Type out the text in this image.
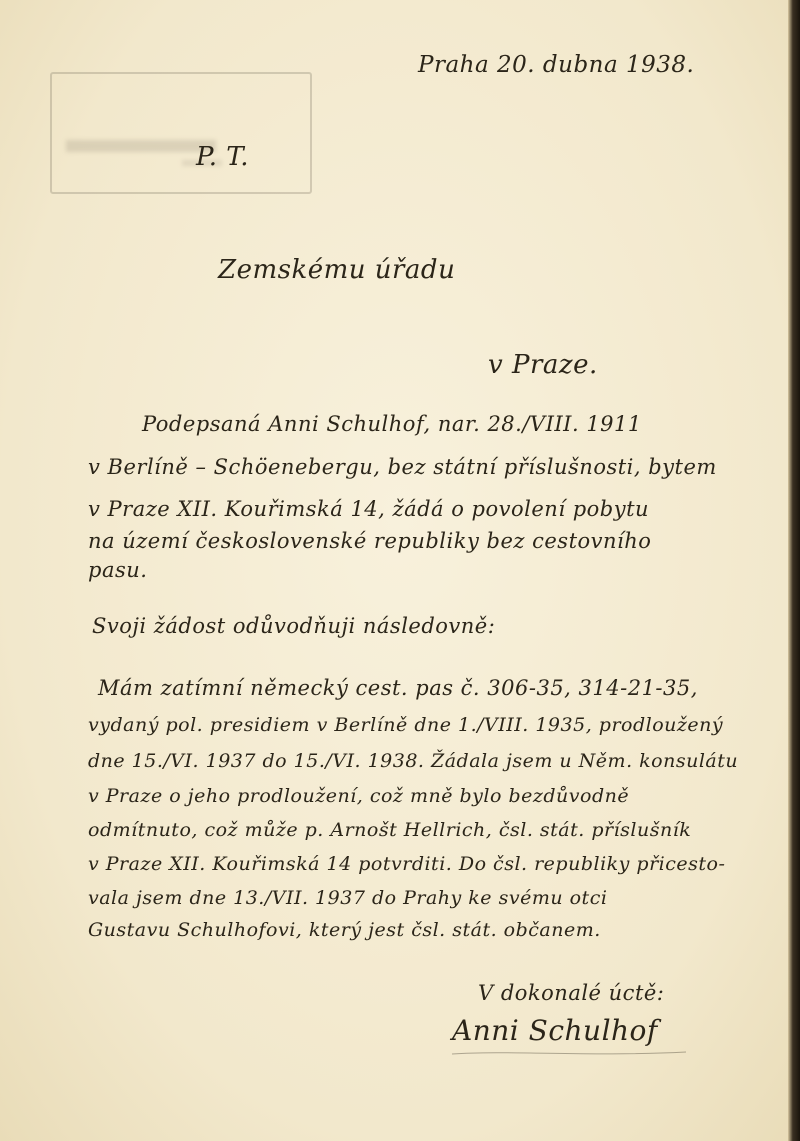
Praha 20. dubna 1938.
P. T.
Zemskému úřadu
v Praze.
Podepsaná Anni Schulhof, nar. 28./VIII. 1911
v Berlíně – Schöenebergu, bez státní příslušnosti, bytem
v Praze XII. Kouřimská 14, žádá o povolení pobytu
na území československé republiky bez cestovního
pasu.
Svoji žádost odůvodňuji následovně:
Mám zatímní německý cest. pas č. 306-35, 314-21-35,
vydaný pol. presidiem v Berlíně dne 1./VIII. 1935, prodloužený
dne 15./VI. 1937 do 15./VI. 1938. Žádala jsem u Něm. konsulátu
v Praze o jeho prodloužení, což mně bylo bezdůvodně
odmítnuto, což může p. Arnošt Hellrich, čsl. stát. příslušník
v Praze XII. Kouřimská 14 potvrditi. Do čsl. republiky přicesto-
vala jsem dne 13./VII. 1937 do Prahy ke svému otci
Gustavu Schulhofovi, který jest čsl. stát. občanem.
V dokonalé úctě:
Anni Schulhof
